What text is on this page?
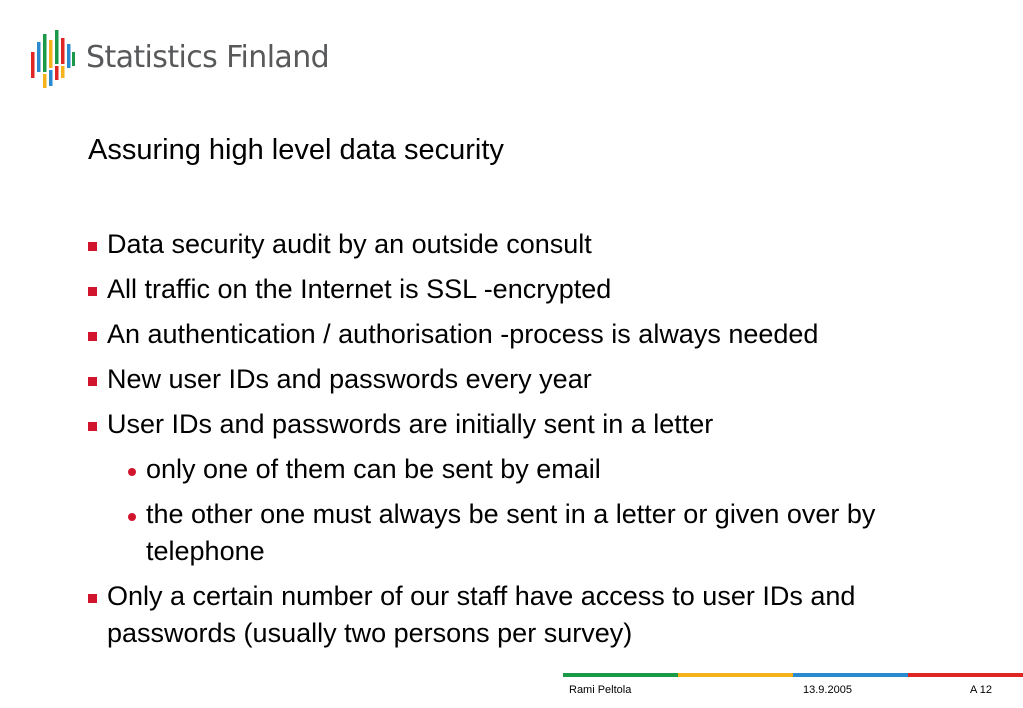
Statistics Finland
Assuring high level data security
Data security audit by an outside consult
All traffic on the Internet is SSL -encrypted
An authentication / authorisation -process is always needed
New user IDs and passwords every year
User IDs and passwords are initially sent in a letter
only one of them can be sent by email
the other one must always be sent in a letter or given over by telephone
Only a certain number of our staff have access to user IDs and passwords (usually two persons per survey)
Rami Peltola	13.9.2005	A 12
